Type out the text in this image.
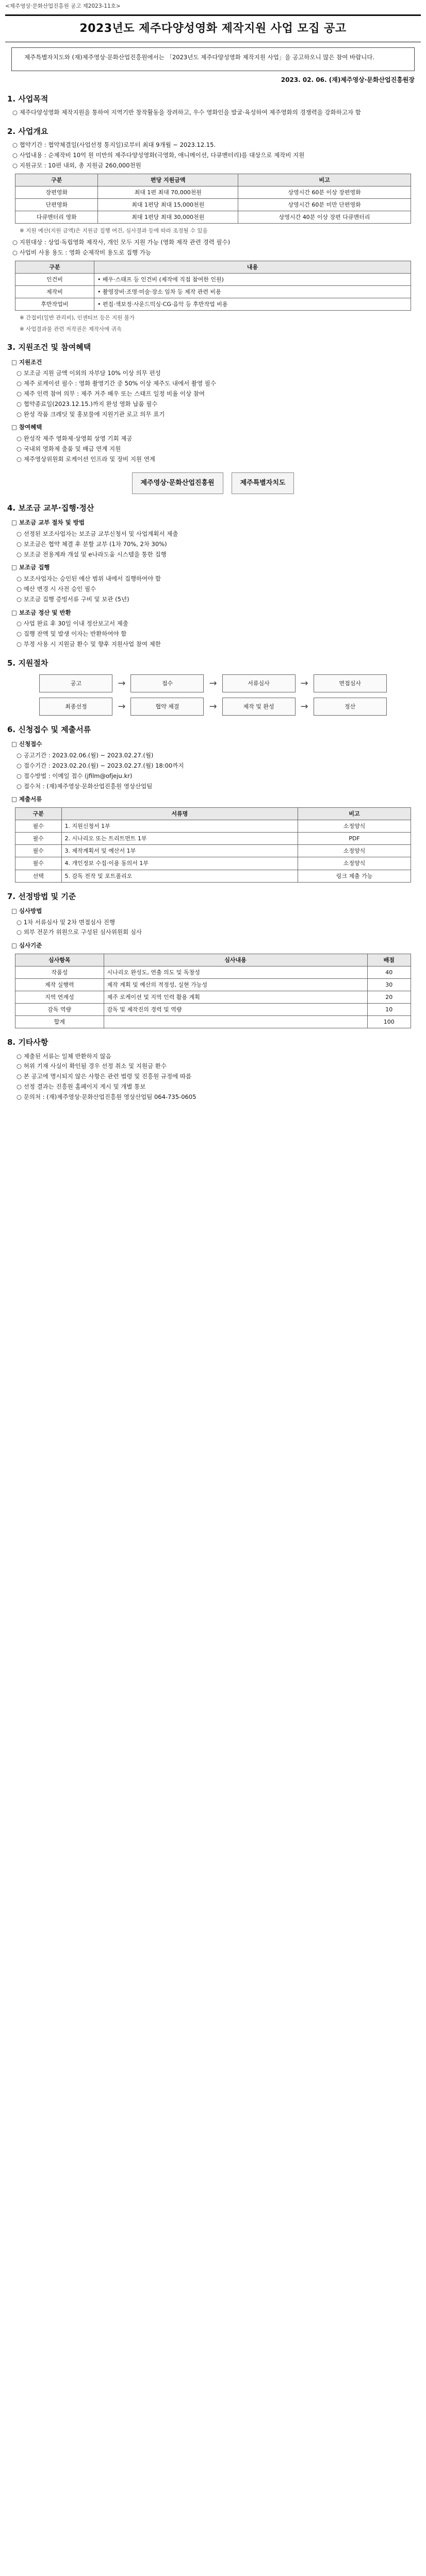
<제주영상·문화산업진흥원 공고 제2023-11호>
2023년도 제주다양성영화 제작지원 사업 모집 공고

제주특별자치도와 (재)제주영상·문화산업진흥원에서는 「2023년도 제주다양성영화 제작지원 사업」을 공고하오니 많은 참여 바랍니다.

2023. 02. 06. (재)제주영상·문화산업진흥원장
1. 사업목적
○ 제주다양성영화 제작지원을 통하여 지역기반 창작활동을 장려하고, 우수 영화인을 발굴·육성하여 제주영화의 경쟁력을 강화하고자 함
2. 사업개요
○ 협약기간 : 협약체결일(사업선정 통지일)로부터 최대 9개월 ~ 2023.12.15.
○ 사업내용 : 순제작비 10억 원 미만의 제주다양성영화(극영화, 애니메이션, 다큐멘터리)를 대상으로 제작비 지원
○ 지원규모 : 10편 내외, 총 지원금 260,000천원
구분	편당 지원금액	비고
장편영화	최대 1편 최대 70,000천원	상영시간 60분 이상 장편영화
단편영화	최대 1편당 최대 15,000천원	상영시간 60분 미만 단편영화
다큐멘터리 영화	최대 1편당 최대 30,000천원	상영시간 40분 이상 장편 다큐멘터리
※ 지원 예산(지원 금액)은 지원금 집행 여건, 심사결과 등에 따라 조정될 수 있음
○ 지원대상 : 상업·독립영화 제작사, 개인 모두 지원 가능 (영화 제작 관련 경력 필수)
○ 사업비 사용 용도 : 영화 순제작비 용도로 집행 가능
구분	내용
인건비	• 배우·스태프 등 인건비 (제작에 직접 참여한 인원)
제작비	• 촬영장비·조명·미술·장소 임차 등 제작 관련 비용
후반작업비	• 편집·색보정·사운드믹싱·CG·음악 등 후반작업 비용
※ 간접비(일반 관리비), 인센티브 등은 지원 불가
※ 사업결과물 관련 저작권은 제작사에 귀속
3. 지원조건 및 참여혜택
□ 지원조건
○ 보조금 지원 금액 이외의 자부담 10% 이상 의무 편성
○ 제주 로케이션 필수 : 영화 촬영기간 중 50% 이상 제주도 내에서 촬영 필수
○ 제주 인력 참여 의무 : 제주 거주 배우 또는 스태프 일정 비율 이상 참여
○ 협약종료일(2023.12.15.)까지 완성 영화 납품 필수
○ 완성 작품 크레딧 및 홍보물에 지원기관 로고 의무 표기
□ 참여혜택
○ 완성작 제주 영화제·상영회 상영 기회 제공
○ 국내외 영화제 출품 및 배급 연계 지원
○ 제주영상위원회 로케이션 인프라 및 장비 지원 연계
제주영상·문화산업진흥원	제주특별자치도
4. 보조금 교부·집행·정산
□ 보조금 교부 절차 및 방법
○ 선정된 보조사업자는 보조금 교부신청서 및 사업계획서 제출
○ 보조금은 협약 체결 후 분할 교부 (1차 70%, 2차 30%)
○ 보조금 전용계좌 개설 및 e나라도움 시스템을 통한 집행
□ 보조금 집행
○ 보조사업자는 승인된 예산 범위 내에서 집행하여야 함
○ 예산 변경 시 사전 승인 필수
○ 보조금 집행 증빙서류 구비 및 보관 (5년)
□ 보조금 정산 및 반환
○ 사업 완료 후 30일 이내 정산보고서 제출
○ 집행 잔액 및 발생 이자는 반환하여야 함
○ 부정 사용 시 지원금 환수 및 향후 지원사업 참여 제한
5. 지원절차
공고	→	접수	→	서류심사	→	면접심사
최종선정	→	협약 체결	→	제작 및 완성	→	정산
6. 신청접수 및 제출서류
□ 신청접수
○ 공고기간 : 2023.02.06.(월) ~ 2023.02.27.(월)
○ 접수기간 : 2023.02.20.(월) ~ 2023.02.27.(월) 18:00까지
○ 접수방법 : 이메일 접수 (jfilm@ofjeju.kr)
○ 접수처 : (재)제주영상·문화산업진흥원 영상산업팀
□ 제출서류
구분	서류명	비고
필수	1. 지원신청서 1부	소정양식
필수	2. 시나리오 또는 트리트먼트 1부	PDF
필수	3. 제작계획서 및 예산서 1부	소정양식
필수	4. 개인정보 수집·이용 동의서 1부	소정양식
선택	5. 감독 전작 및 포트폴리오	링크 제출 가능
7. 선정방법 및 기준
□ 심사방법
○ 1차 서류심사 및 2차 면접심사 진행
○ 외부 전문가 위원으로 구성된 심사위원회 심사
□ 심사기준
심사항목	심사내용	배점
작품성	시나리오 완성도, 연출 의도 및 독창성	40
제작 실행력	제작 계획 및 예산의 적정성, 실현 가능성	30
지역 연계성	제주 로케이션 및 지역 인력 활용 계획	20
감독 역량	감독 및 제작진의 경력 및 역량	10
합계		100
8. 기타사항
○ 제출된 서류는 일체 반환하지 않음
○ 허위 기재 사실이 확인될 경우 선정 취소 및 지원금 환수
○ 본 공고에 명시되지 않은 사항은 관련 법령 및 진흥원 규정에 따름
○ 선정 결과는 진흥원 홈페이지 게시 및 개별 통보
○ 문의처 : (재)제주영상·문화산업진흥원 영상산업팀 064-735-0605
